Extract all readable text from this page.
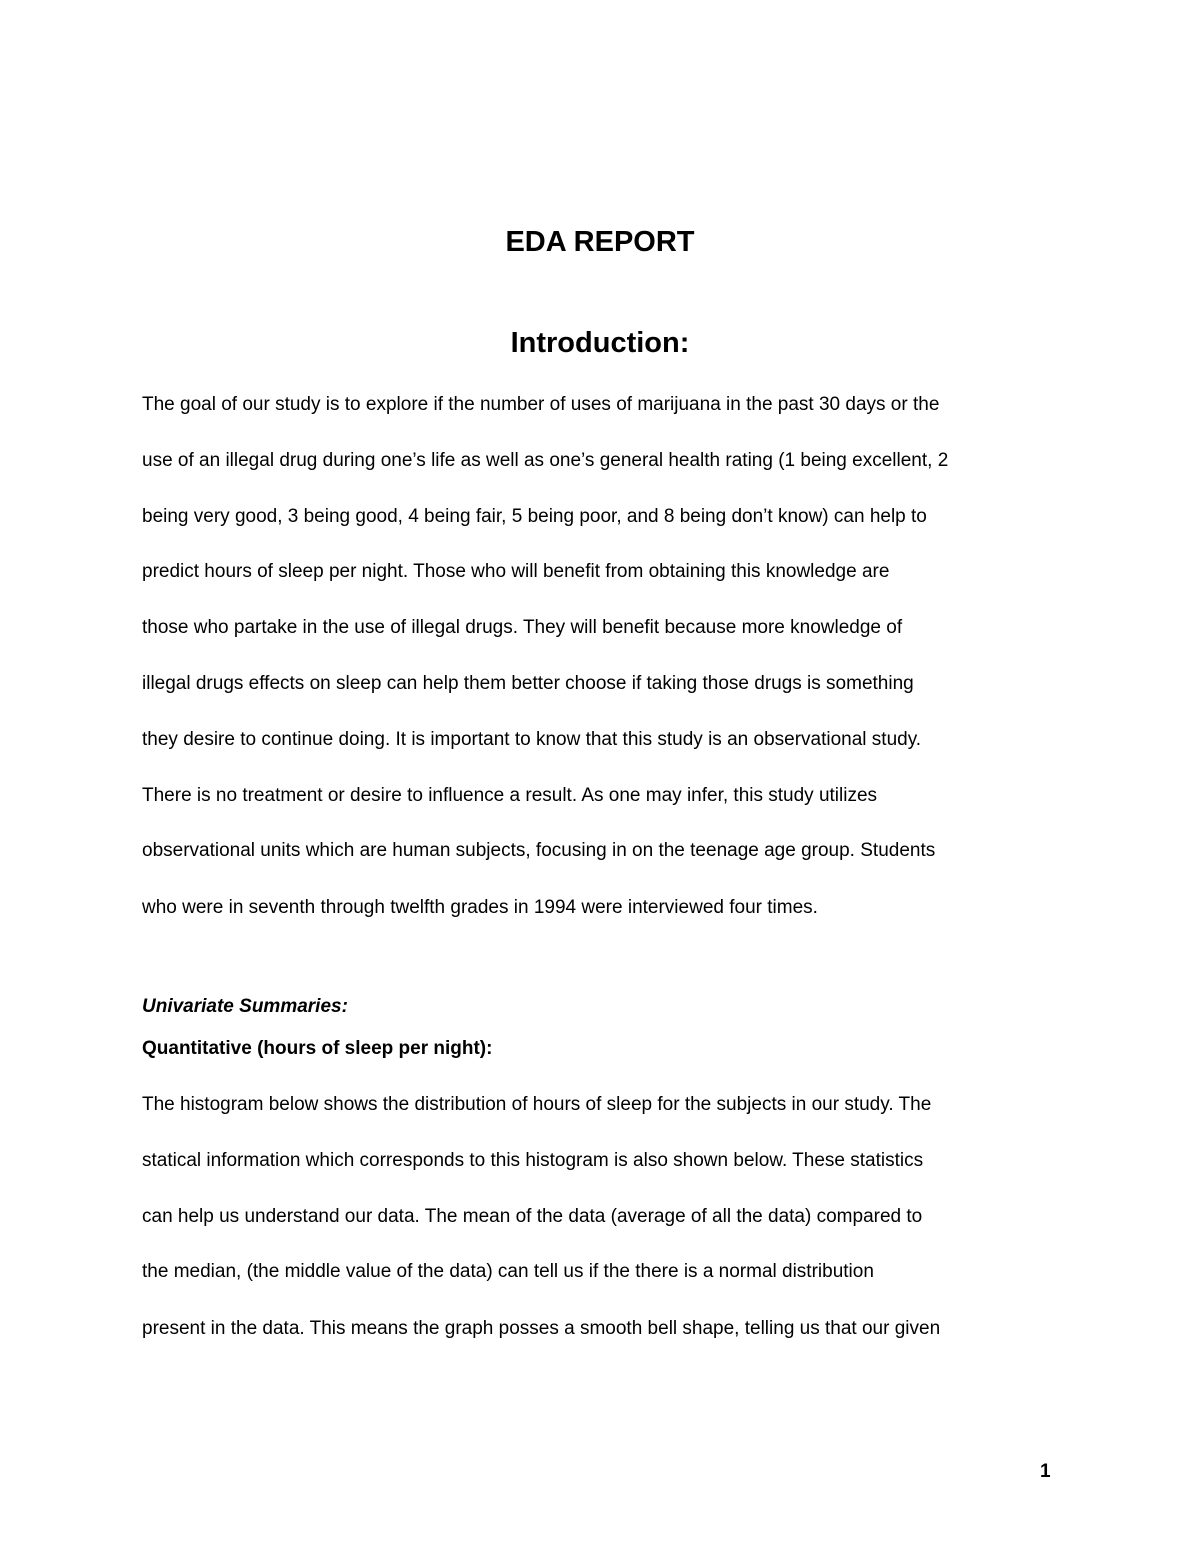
EDA REPORT
Introduction:
The goal of our study is to explore if the number of uses of marijuana in the past 30 days or the
use of an illegal drug during one’s life as well as one’s general health rating (1 being excellent, 2
being very good, 3 being good, 4 being fair, 5 being poor, and 8 being don’t know) can help to
predict hours of sleep per night. Those who will benefit from obtaining this knowledge are
those who partake in the use of illegal drugs. They will benefit because more knowledge of
illegal drugs effects on sleep can help them better choose if taking those drugs is something
they desire to continue doing. It is important to know that this study is an observational study.
There is no treatment or desire to influence a result. As one may infer, this study utilizes
observational units which are human subjects, focusing in on the teenage age group. Students
who were in seventh through twelfth grades in 1994 were interviewed four times.
Univariate Summaries:
Quantitative (hours of sleep per night):
The histogram below shows the distribution of hours of sleep for the subjects in our study. The
statical information which corresponds to this histogram is also shown below. These statistics
can help us understand our data. The mean of the data (average of all the data) compared to
the median, (the middle value of the data) can tell us if the there is a normal distribution
present in the data. This means the graph posses a smooth bell shape, telling us that our given
1
